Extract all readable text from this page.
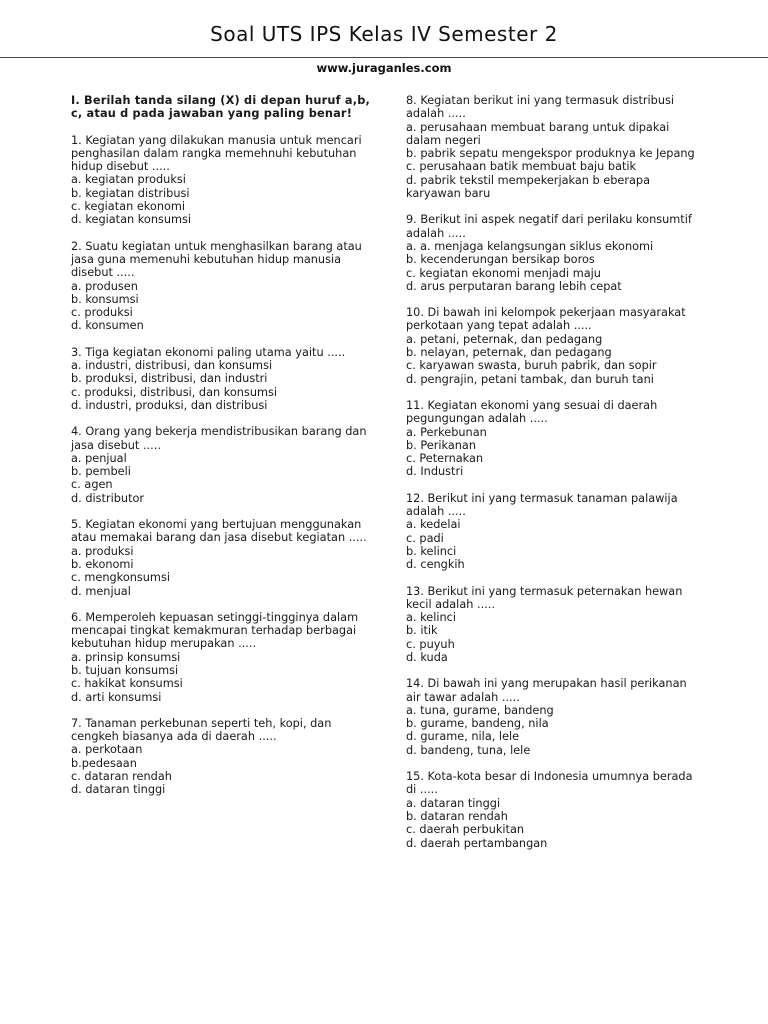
Soal UTS IPS Kelas IV Semester 2
www.juraganles.com
I. Berilah tanda silang (X) di depan huruf a,b, c, atau d pada jawaban yang paling benar!
1. Kegiatan yang dilakukan manusia untuk mencari penghasilan dalam rangka memehnuhi kebutuhan hidup disebut .....
a. kegiatan produksi
b. kegiatan distribusi
c. kegiatan ekonomi
d. kegiatan konsumsi
2. Suatu kegiatan untuk menghasilkan barang atau jasa guna memenuhi kebutuhan hidup manusia disebut .....
a. produsen
b. konsumsi
c. produksi
d. konsumen
3. Tiga kegiatan ekonomi paling utama yaitu .....
a. industri, distribusi, dan konsumsi
b. produksi, distribusi, dan industri
c. produksi, distribusi, dan konsumsi
d. industri, produksi, dan distribusi
4. Orang yang bekerja mendistribusikan barang dan jasa disebut .....
a. penjual
b. pembeli
c. agen
d. distributor
5. Kegiatan ekonomi yang bertujuan menggunakan atau memakai barang dan jasa disebut kegiatan .....
a. produksi
b. ekonomi
c. mengkonsumsi
d. menjual
6. Memperoleh kepuasan setinggi-tingginya dalam mencapai tingkat kemakmuran terhadap berbagai kebutuhan hidup merupakan .....
a. prinsip konsumsi
b. tujuan konsumsi
c. hakikat konsumsi
d. arti konsumsi
7. Tanaman perkebunan seperti teh, kopi, dan cengkeh biasanya ada di daerah .....
a. perkotaan
b.pedesaan
c. dataran rendah
d. dataran tinggi
8. Kegiatan berikut ini yang termasuk distribusi adalah .....
a. perusahaan membuat barang untuk dipakai dalam negeri
b. pabrik sepatu mengekspor produknya ke Jepang
c. perusahaan batik membuat baju batik
d. pabrik tekstil mempekerjakan b eberapa karyawan baru
9. Berikut ini aspek negatif dari perilaku konsumtif adalah .....
a. a. menjaga kelangsungan siklus ekonomi
b. kecenderungan bersikap boros
c. kegiatan ekonomi menjadi maju
d. arus perputaran barang lebih cepat
10. Di bawah ini kelompok pekerjaan masyarakat perkotaan yang tepat adalah .....
a. petani, peternak, dan pedagang
b. nelayan, peternak, dan pedagang
c. karyawan swasta, buruh pabrik, dan sopir
d. pengrajin, petani tambak, dan buruh tani
11. Kegiatan ekonomi yang sesuai di daerah pegungungan adalah .....
a. Perkebunan
b. Perikanan
c. Peternakan
d. Industri
12. Berikut ini yang termasuk tanaman palawija adalah .....
a. kedelai
c. padi
b. kelinci
d. cengkih
13. Berikut ini yang termasuk peternakan hewan kecil adalah .....
a. kelinci
b. itik
c. puyuh
d. kuda
14. Di bawah ini yang merupakan hasil perikanan air tawar adalah .....
a. tuna, gurame, bandeng
b. gurame, bandeng, nila
d. gurame, nila, lele
d. bandeng, tuna, lele
15. Kota-kota besar di Indonesia umumnya berada di .....
a. dataran tinggi
b. dataran rendah
c. daerah perbukitan
d. daerah pertambangan
